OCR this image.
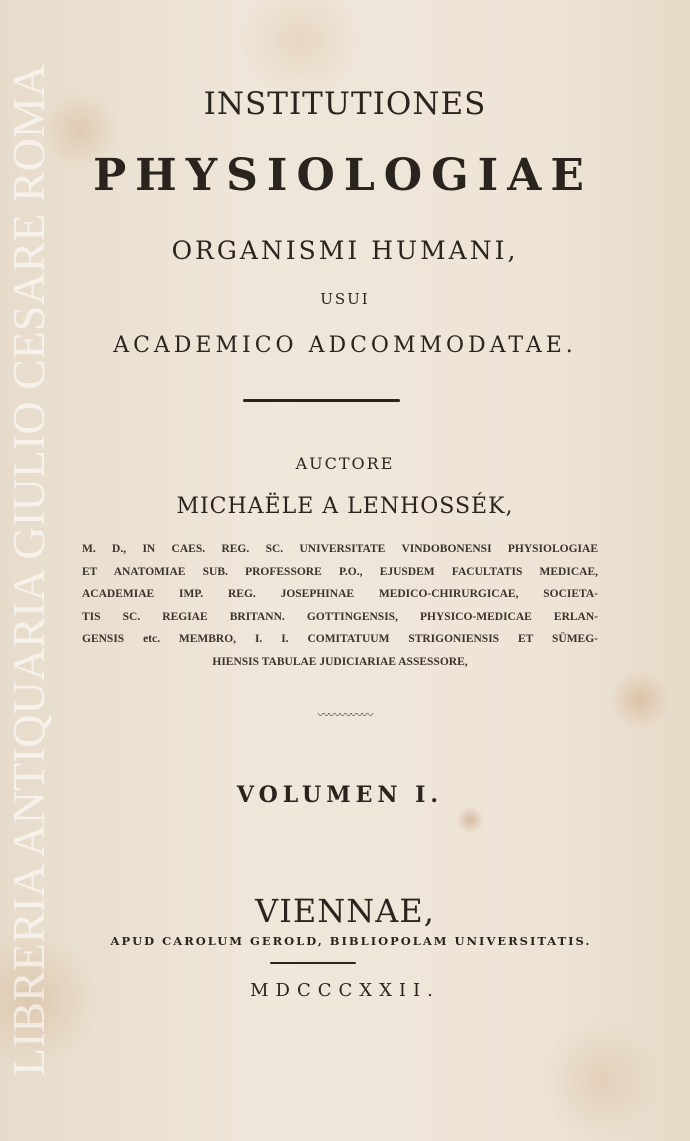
LIBRERIA ANTIQUARIA GIULIO CESARE ROMA	INSTITUTIONES
PHYSIOLOGIAE
ORGANISMI HUMANI,
USUI
ACADEMICO ADCOMMODATAE.
AUCTORE
MICHAËLE A LENHOSSÉK,
M. D., IN CAES. REG. SC. UNIVERSITATE VINDOBONENSI PHYSIOLOGIAE
ET ANATOMIAE SUB. PROFESSORE P.O., EJUSDEM FACULTATIS MEDICAE,
ACADEMIAE IMP. REG. JOSEPHINAE MEDICO-CHIRURGICAE, SOCIETA-
TIS SC. REGIAE BRITANN. GOTTINGENSIS, PHYSICO-MEDICAE ERLAN-
GENSIS etc. MEMBRO, I. I. COMITATUUM STRIGONIENSIS ET SÜMEG-
HIENSIS TABULAE JUDICIARIAE ASSESSORE,
〰〰〰〰〰
VOLUMEN I.
VIENNAE,
APUD CAROLUM GEROLD, BIBLIOPOLAM UNIVERSITATIS.
MDCCCXXII.
